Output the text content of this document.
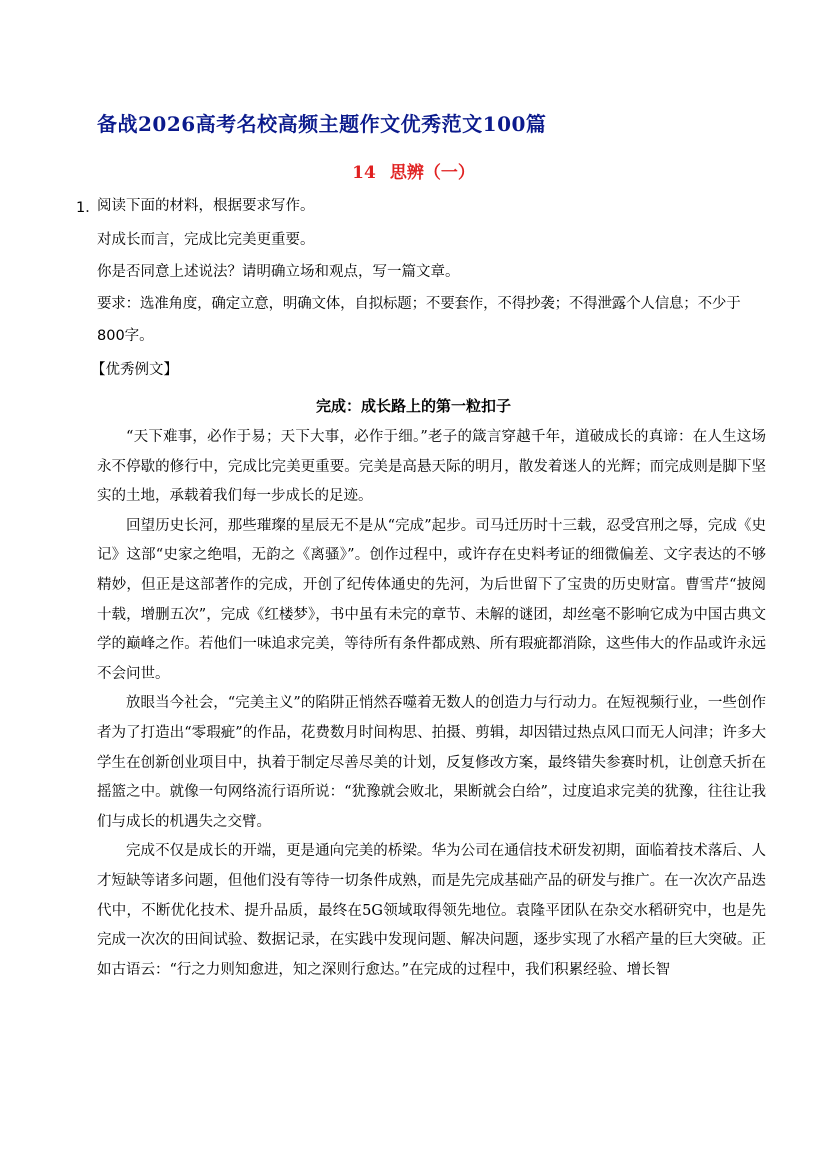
备战2026高考名校高频主题作文优秀范文100篇
14 思辨（一）
1．
阅读下面的材料，根据要求写作。
对成长而言，完成比完美更重要。
你是否同意上述说法？请明确立场和观点，写一篇文章。
要求：选准角度，确定立意，明确文体，自拟标题；不要套作，不得抄袭；不得泄露个人信息；不少于
800字。
【优秀例文】
完成：成长路上的第一粒扣子

“天下难事，必作于易；天下大事，必作于细。”老子的箴言穿越千年，道破成长的真谛：在人生这场永不停歇的修行中，完成比完美更重要。完美是高悬天际的明月，散发着迷人的光辉；而完成则是脚下坚实的土地，承载着我们每一步成长的足迹。

回望历史长河，那些璀璨的星辰无不是从“完成”起步。司马迁历时十三载，忍受宫刑之辱，完成《史记》这部“史家之绝唱，无韵之《离骚》”。创作过程中，或许存在史料考证的细微偏差、文字表达的不够精妙，但正是这部著作的完成，开创了纪传体通史的先河，为后世留下了宝贵的历史财富。曹雪芹“披阅十载，增删五次”，完成《红楼梦》，书中虽有未完的章节、未解的谜团，却丝毫不影响它成为中国古典文学的巅峰之作。若他们一味追求完美，等待所有条件都成熟、所有瑕疵都消除，这些伟大的作品或许永远不会问世。

放眼当今社会，“完美主义”的陷阱正悄然吞噬着无数人的创造力与行动力。在短视频行业，一些创作者为了打造出“零瑕疵”的作品，花费数月时间构思、拍摄、剪辑，却因错过热点风口而无人问津；许多大学生在创新创业项目中，执着于制定尽善尽美的计划，反复修改方案，最终错失参赛时机，让创意夭折在摇篮之中。就像一句网络流行语所说：“犹豫就会败北，果断就会白给”，过度追求完美的犹豫，往往让我们与成长的机遇失之交臂。

完成不仅是成长的开端，更是通向完美的桥梁。华为公司在通信技术研发初期，面临着技术落后、人才短缺等诸多问题，但他们没有等待一切条件成熟，而是先完成基础产品的研发与推广。在一次次产品迭代中，不断优化技术、提升品质，最终在5G领域取得领先地位。袁隆平团队在杂交水稻研究中，也是先完成一次次的田间试验、数据记录，在实践中发现问题、解决问题，逐步实现了水稻产量的巨大突破。正如古语云：“行之力则知愈进，知之深则行愈达。”在完成的过程中，我们积累经验、增长智
